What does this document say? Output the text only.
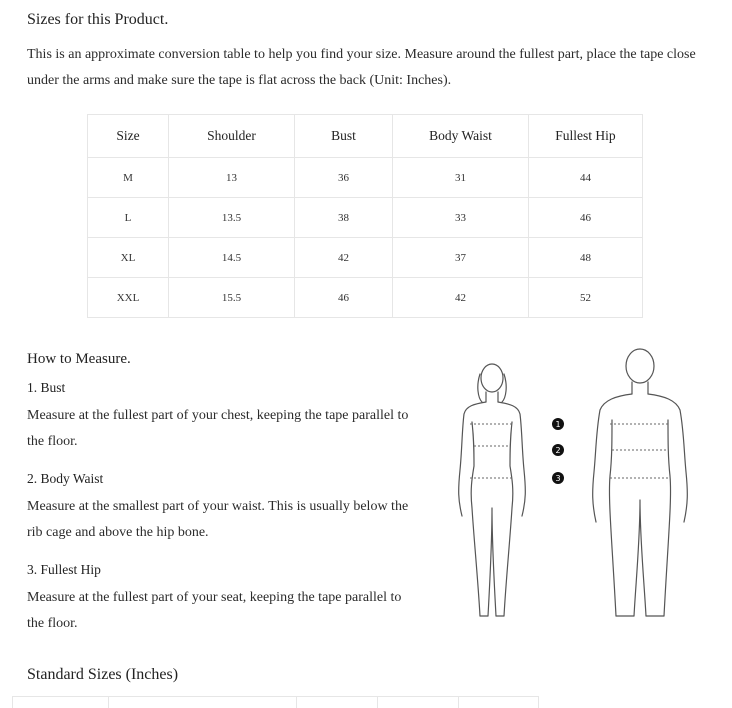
Sizes for this Product.

This is an approximate conversion table to help you find your size. Measure around the fullest part, place the tape close under the arms and make sure the tape is flat across the back (Unit: Inches).

Size	Shoulder	Bust	Body Waist	Fullest Hip
M	13	36	31	44
L	13.5	38	33	46
XL	14.5	42	37	48
XXL	15.5	46	42	52
How to Measure.
1. Bust

Measure at the fullest part of your chest, keeping the tape parallel to the floor.

2. Body Waist

Measure at the smallest part of your waist. This is usually below the rib cage and above the hip bone.

3. Fullest Hip

Measure at the fullest part of your seat, keeping the tape parallel to the floor.

1
2
3
Standard Sizes (Inches)
